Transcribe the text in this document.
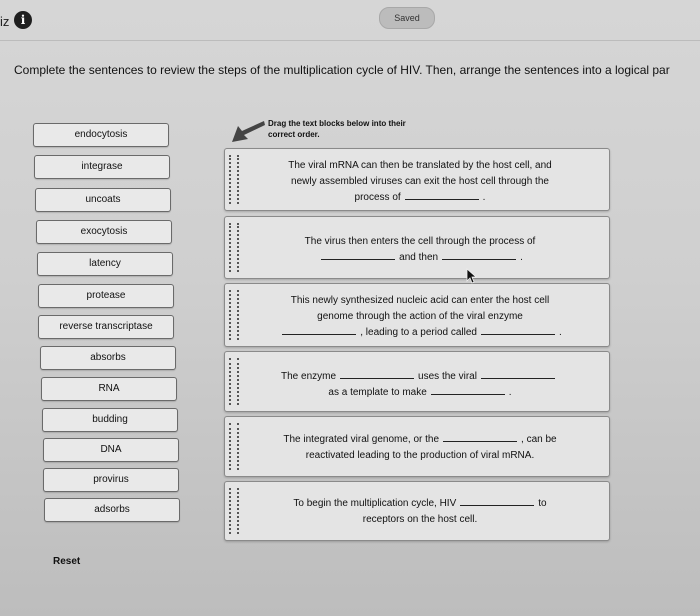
iz i	Saved
Complete the sentences to review the steps of the multiplication cycle of HIV. Then, arrange the sentences into a logical par
Drag the text blocks below into their
correct order.
endocytosis
integrase
uncoats
exocytosis
latency
protease
reverse transcriptase
absorbs
RNA
budding
DNA
provirus
adsorbs
The viral mRNA can then be translated by the host cell, and
newly assembled viruses can exit the host cell through the
process of	.
The virus then enters the cell through the process of
and then	.
This newly synthesized nucleic acid can enter the host cell
genome through the action of the viral enzyme
, leading to a period called	.
The enzyme	uses the viral
as a template to make	.
The integrated viral genome, or the	, can be
reactivated leading to the production of viral mRNA.
To begin the multiplication cycle, HIV	to
receptors on the host cell.
Reset
